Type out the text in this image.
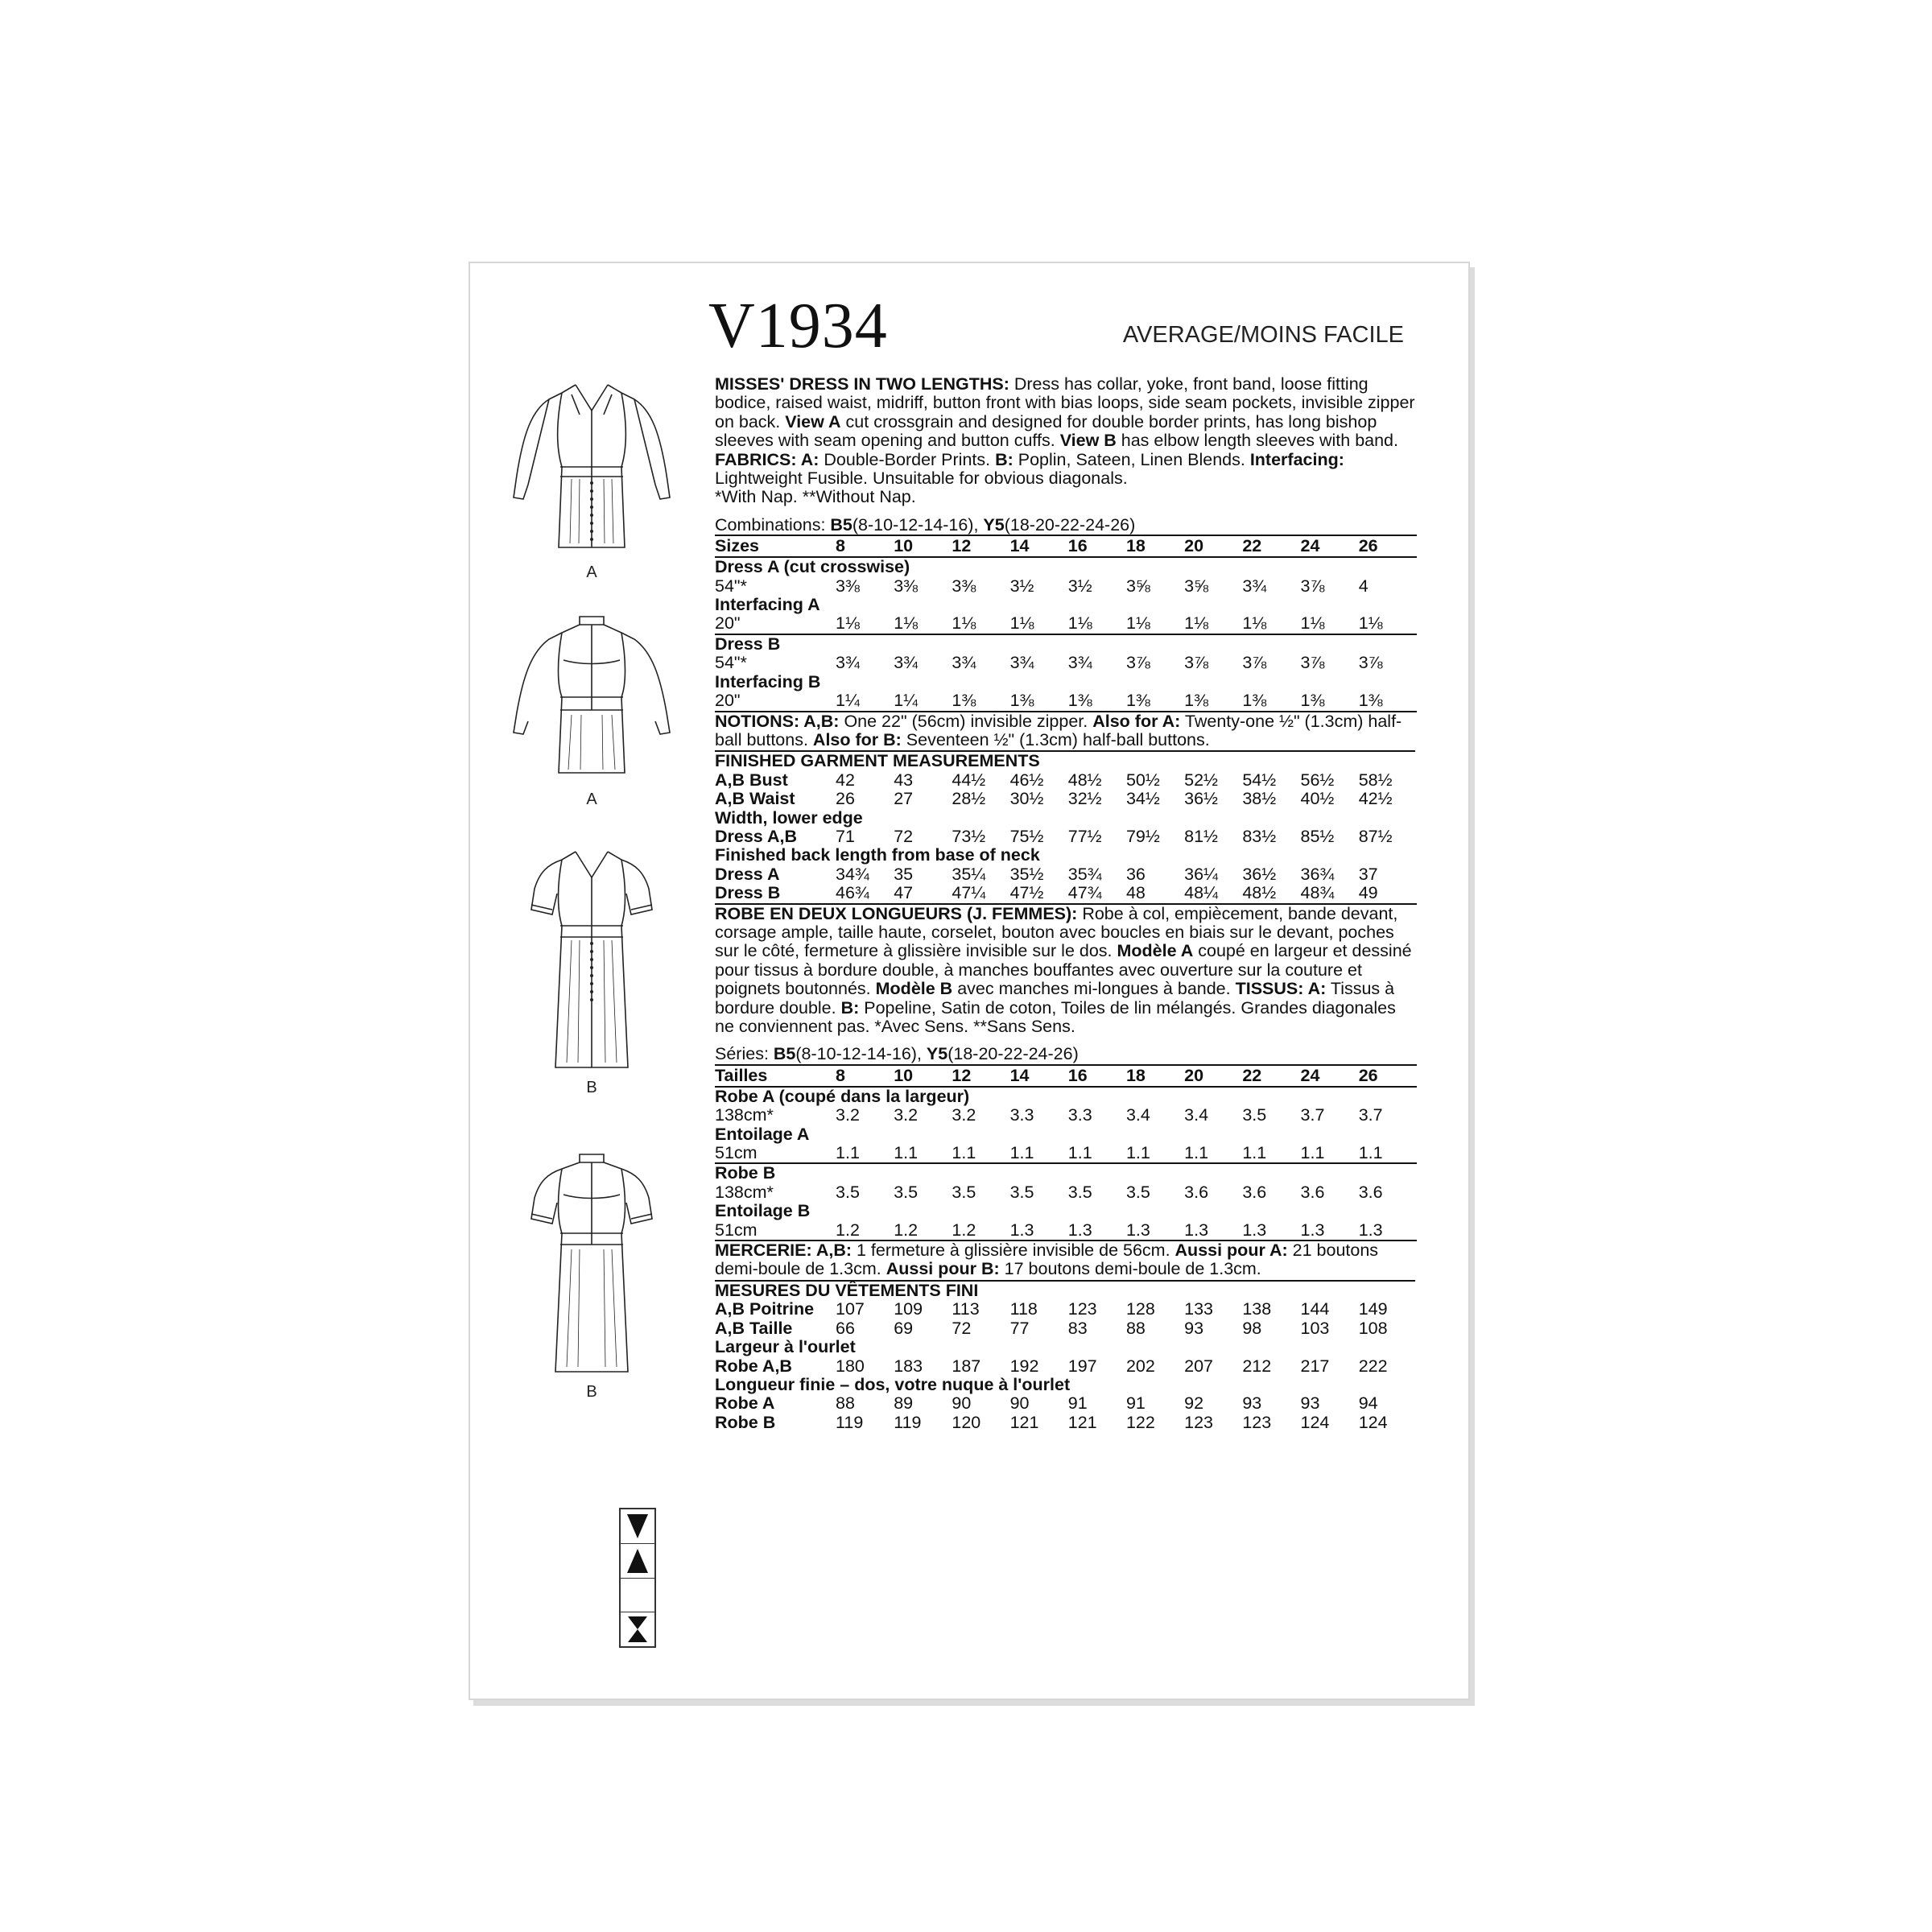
V1934	AVERAGE/MOINS FACILE
A
A
B
B

MISSES' DRESS IN TWO LENGTHS: Dress has collar, yoke, front band, loose fitting bodice, raised waist, midriff, button front with bias loops, side seam pockets, invisible zipper on back. View A cut crossgrain and designed for double border prints, has long bishop sleeves with seam opening and button cuffs. View B has elbow length sleeves with band. FABRICS: A: Double-Border Prints. B: Poplin, Sateen, Linen Blends. Interfacing: Lightweight Fusible. Unsuitable for obvious diagonals.

*With Nap. **Without Nap.

Combinations: B5(8-10-12-14-16), Y5(18-20-22-24-26)

Sizes	8	10	12	14	16	18	20	22	24	26
Dress A (cut crosswise)										
54"*	3⅜	3⅜	3⅜	3½	3½	3⅝	3⅝	3¾	3⅞	4
Interfacing A										
20"	1⅛	1⅛	1⅛	1⅛	1⅛	1⅛	1⅛	1⅛	1⅛	1⅛
Dress B										
54"*	3¾	3¾	3¾	3¾	3¾	3⅞	3⅞	3⅞	3⅞	3⅞
Interfacing B										
20"	1¼	1¼	1⅜	1⅜	1⅜	1⅜	1⅜	1⅜	1⅜	1⅜

NOTIONS: A,B: One 22" (56cm) invisible zipper. Also for A: Twenty-one ½" (1.3cm) half-ball buttons. Also for B: Seventeen ½" (1.3cm) half-ball buttons.

FINISHED GARMENT MEASUREMENTS										
A,B Bust	42	43	44½	46½	48½	50½	52½	54½	56½	58½
A,B Waist	26	27	28½	30½	32½	34½	36½	38½	40½	42½
Width, lower edge										
Dress A,B	71	72	73½	75½	77½	79½	81½	83½	85½	87½
Finished back length from base of neck										
Dress A	34¾	35	35¼	35½	35¾	36	36¼	36½	36¾	37
Dress B	46¾	47	47¼	47½	47¾	48	48¼	48½	48¾	49

ROBE EN DEUX LONGUEURS (J. FEMMES): Robe à col, empiècement, bande devant, corsage ample, taille haute, corselet, bouton avec boucles en biais sur le devant, poches sur le côté, fermeture à glissière invisible sur le dos. Modèle A coupé en largeur et dessiné pour tissus à bordure double, à manches bouffantes avec ouverture sur la couture et poignets boutonnés. Modèle B avec manches mi-longues à bande. TISSUS: A: Tissus à bordure double. B: Popeline, Satin de coton, Toiles de lin mélangés. Grandes diagonales ne conviennent pas. *Avec Sens. **Sans Sens.

Séries: B5(8-10-12-14-16), Y5(18-20-22-24-26)

Tailles	8	10	12	14	16	18	20	22	24	26
Robe A (coupé dans la largeur)										
138cm*	3.2	3.2	3.2	3.3	3.3	3.4	3.4	3.5	3.7	3.7
Entoilage A										
51cm	1.1	1.1	1.1	1.1	1.1	1.1	1.1	1.1	1.1	1.1
Robe B										
138cm*	3.5	3.5	3.5	3.5	3.5	3.5	3.6	3.6	3.6	3.6
Entoilage B										
51cm	1.2	1.2	1.2	1.3	1.3	1.3	1.3	1.3	1.3	1.3

MERCERIE: A,B: 1 fermeture à glissière invisible de 56cm. Aussi pour A: 21 boutons demi-boule de 1.3cm. Aussi pour B: 17 boutons demi-boule de 1.3cm.

MESURES DU VÊTEMENTS FINI										
A,B Poitrine	107	109	113	118	123	128	133	138	144	149
A,B Taille	66	69	72	77	83	88	93	98	103	108
Largeur à l'ourlet										
Robe A,B	180	183	187	192	197	202	207	212	217	222
Longueur finie – dos, votre nuque à l'ourlet										
Robe A	88	89	90	90	91	91	92	93	93	94
Robe B	119	119	120	121	121	122	123	123	124	124
